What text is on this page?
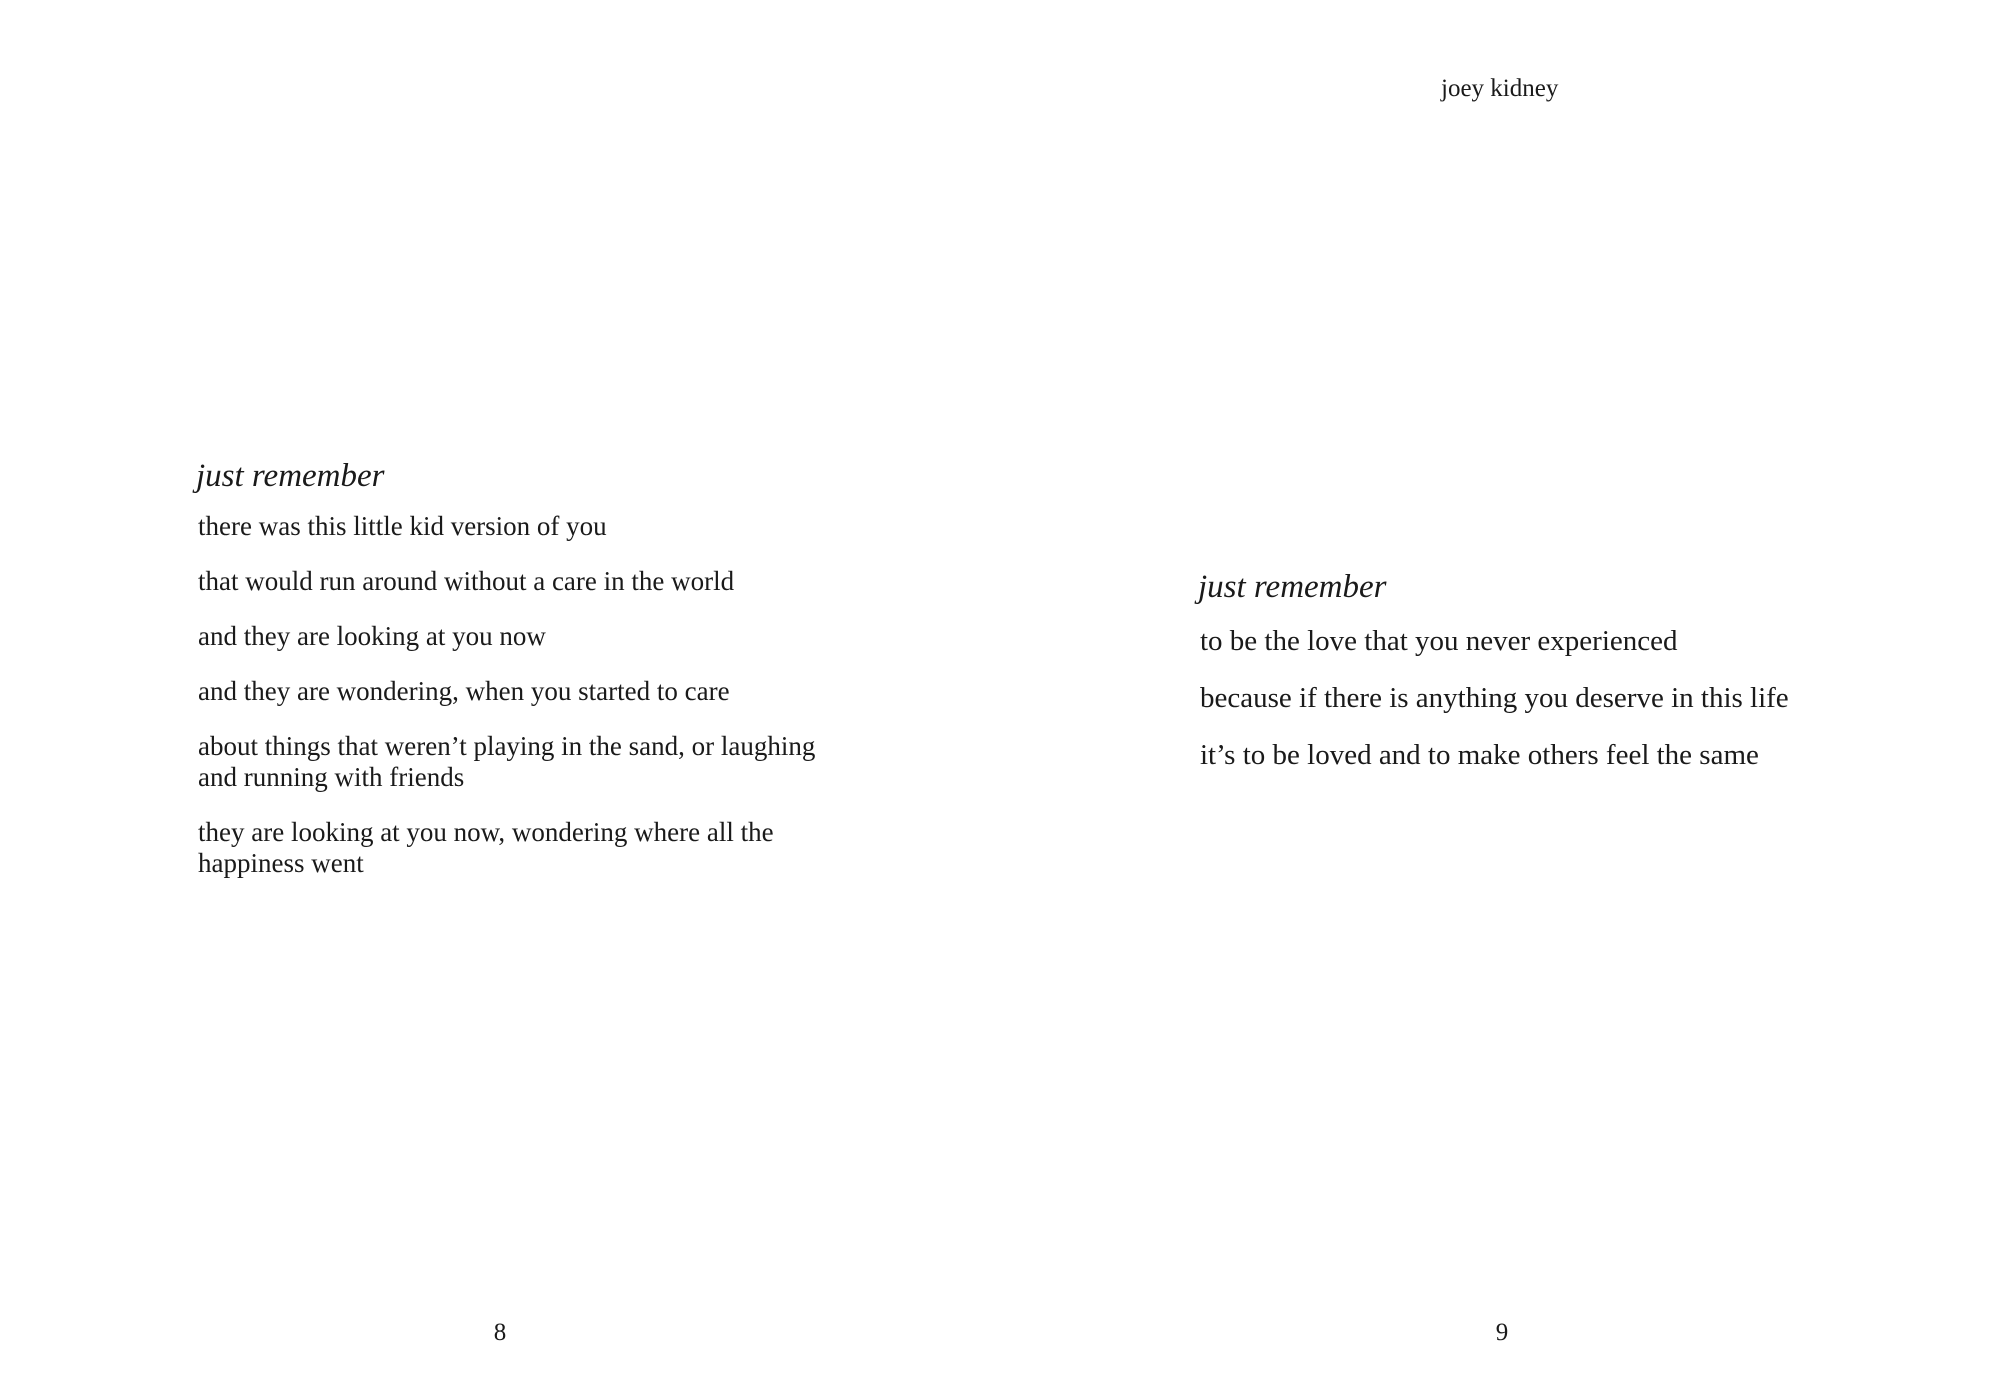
just remember

there was this little kid version of you

that would run around without a care in the world

and they are looking at you now

and they are wondering, when you started to care

about things that weren’t playing in the sand, or laughing and running with friends

they are looking at you now, wondering where all the happiness went

8
joey kidney
just remember

to be the love that you never experienced

because if there is anything you deserve in this life

it’s to be loved and to make others feel the same

9
